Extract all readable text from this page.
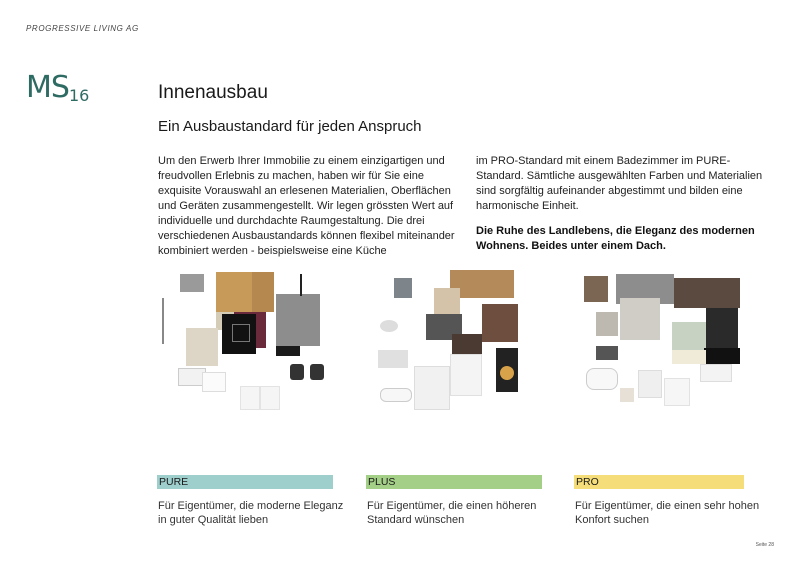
PROGRESSIVE LIVING AG
MS16	Innenausbau
Ein Ausbaustandard für jeden Anspruch
Um den Erwerb Ihrer Immobilie zu einem einzigartigen und freudvollen Erlebnis zu machen, haben wir für Sie eine exquisite Vorauswahl an erlesenen Materialien, Oberflächen und Geräten zusammengestellt. Wir legen grössten Wert auf individuelle und durchdachte Raumgestaltung. Die drei verschiedenen Ausbaustandards können flexibel miteinander kombiniert werden - beispielsweise eine Küche

im PRO-Standard mit einem Badezimmer im PURE-Standard. Sämtliche ausgewählten Farben und Materialien sind sorgfältig aufeinander abgestimmt und bilden eine harmonische Einheit.

Die Ruhe des Landlebens, die Eleganz des modernen Wohnens. Beides unter einem Dach.

PURE	PLUS	PRO
Für Eigentümer, die moderne Eleganz in guter Qualität lieben
Für Eigentümer, die einen höheren Standard wünschen
Für Eigentümer, die einen sehr hohen Konfort suchen
Seite 28
